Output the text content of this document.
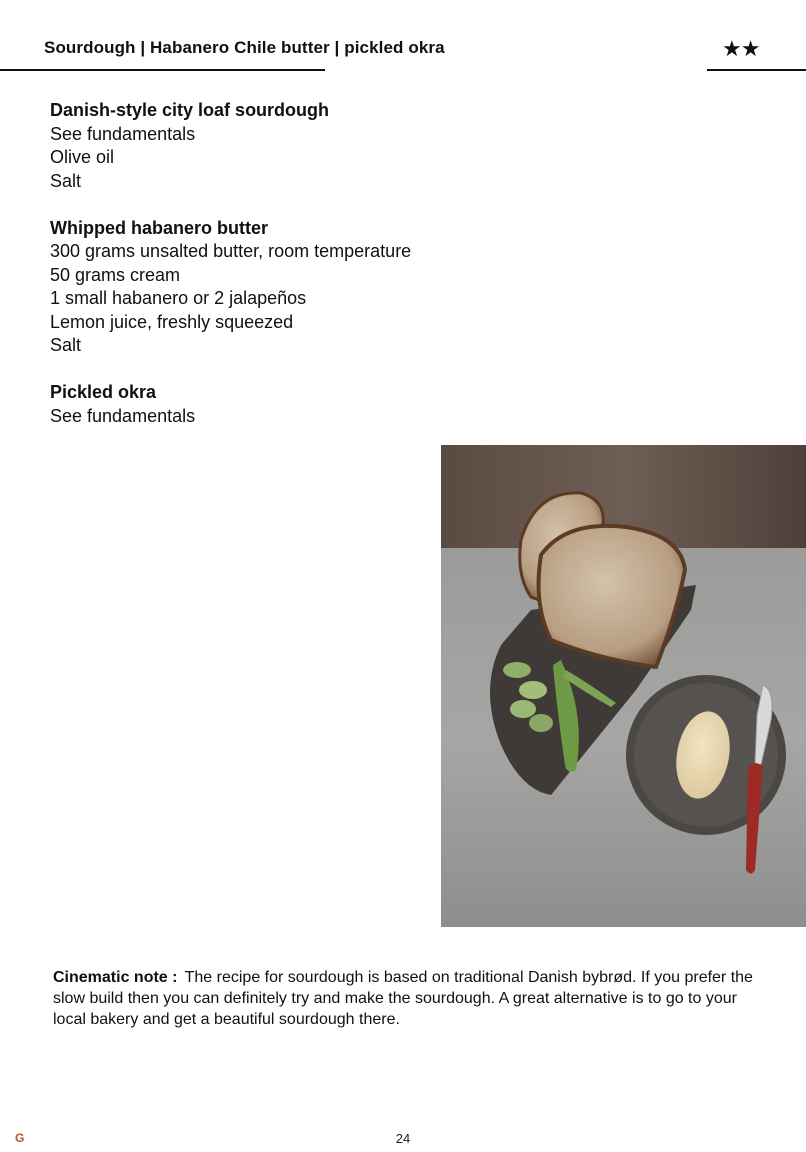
Sourdough | Habanero Chile butter | pickled okra	★★
Danish-style city loaf sourdough
See fundamentals
Olive oil
Salt
Whipped habanero butter
300 grams unsalted butter, room temperature
50 grams cream
1 small habanero or 2 jalapeños
Lemon juice, freshly squeezed
Salt
Pickled okra
See fundamentals
Cinematic note : The recipe for sourdough is based on traditional Danish bybrød. If you prefer the slow build then you can definitely try and make the sourdough. A great alternative is to go to your local bakery and get a beautiful sourdough there.
G	24
